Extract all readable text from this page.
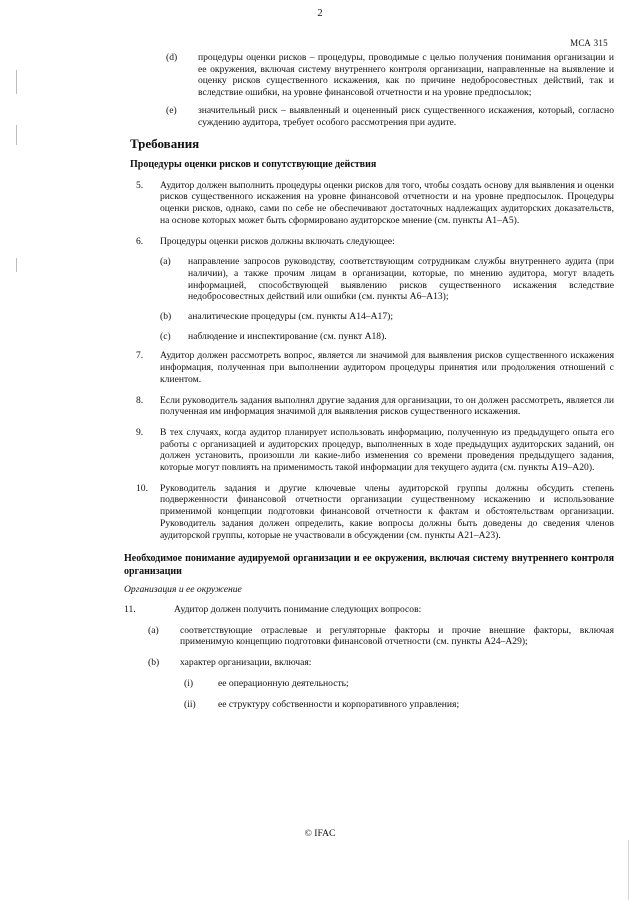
2
МСА 315
(d)	процедуры оценки рисков – процедуры, проводимые с целью получения понимания организации и ее окружения, включая систему внутреннего контроля организации, направленные на выявление и оценку рисков существенного искажения, как по причине недобросовестных действий, так и вследствие ошибки, на уровне финансовой отчетности и на уровне предпосылок;
(e)	значительный риск – выявленный и оцененный риск существенного искажения, который, согласно суждению аудитора, требует особого рассмотрения при аудите.
Требования
Процедуры оценки рисков и сопутствующие действия
5.	Аудитор должен выполнить процедуры оценки рисков для того, чтобы создать основу для выявления и оценки рисков существенного искажения на уровне финансовой отчетности и на уровне предпосылок. Процедуры оценки рисков, однако, сами по себе не обеспечивают достаточных надлежащих аудиторских доказательств, на основе которых может быть сформировано аудиторское мнение (см. пункты A1–A5).
6.	Процедуры оценки рисков должны включать следующее:
(a)	направление запросов руководству, соответствующим сотрудникам службы внутреннего аудита (при наличии), а также прочим лицам в организации, которые, по мнению аудитора, могут владеть информацией, способствующей выявлению рисков существенного искажения вследствие недобросовестных действий или ошибки (см. пункты A6–A13);
(b)	аналитические процедуры (см. пункты A14–A17);
(c)	наблюдение и инспектирование (см. пункт A18).
7.	Аудитор должен рассмотреть вопрос, является ли значимой для выявления рисков существенного искажения информация, полученная при выполнении аудитором процедуры принятия или продолжения отношений с клиентом.
8.	Если руководитель задания выполнял другие задания для организации, то он должен рассмотреть, является ли полученная им информация значимой для выявления рисков существенного искажения.
9.	В тех случаях, когда аудитор планирует использовать информацию, полученную из предыдущего опыта его работы с организацией и аудиторских процедур, выполненных в ходе предыдущих аудиторских заданий, он должен установить, произошли ли какие-либо изменения со времени проведения предыдущего задания, которые могут повлиять на применимость такой информации для текущего аудита (см. пункты A19–A20).
10.	Руководитель задания и другие ключевые члены аудиторской группы должны обсудить степень подверженности финансовой отчетности организации существенному искажению и использование применимой концепции подготовки финансовой отчетности к фактам и обстоятельствам организации. Руководитель задания должен определить, какие вопросы должны быть доведены до сведения членов аудиторской группы, которые не участвовали в обсуждении (см. пункты A21–A23).
Необходимое понимание аудируемой организации и ее окружения, включая систему внутреннего контроля организации
Организация и ее окружение
11.	Аудитор должен получить понимание следующих вопросов:
(a)	соответствующие отраслевые и регуляторные факторы и прочие внешние факторы, включая применимую концепцию подготовки финансовой отчетности (см. пункты A24–A29);
(b)	характер организации, включая:
(i)	ее операционную деятельность;
(ii)	ее структуру собственности и корпоративного управления;
© IFAC
